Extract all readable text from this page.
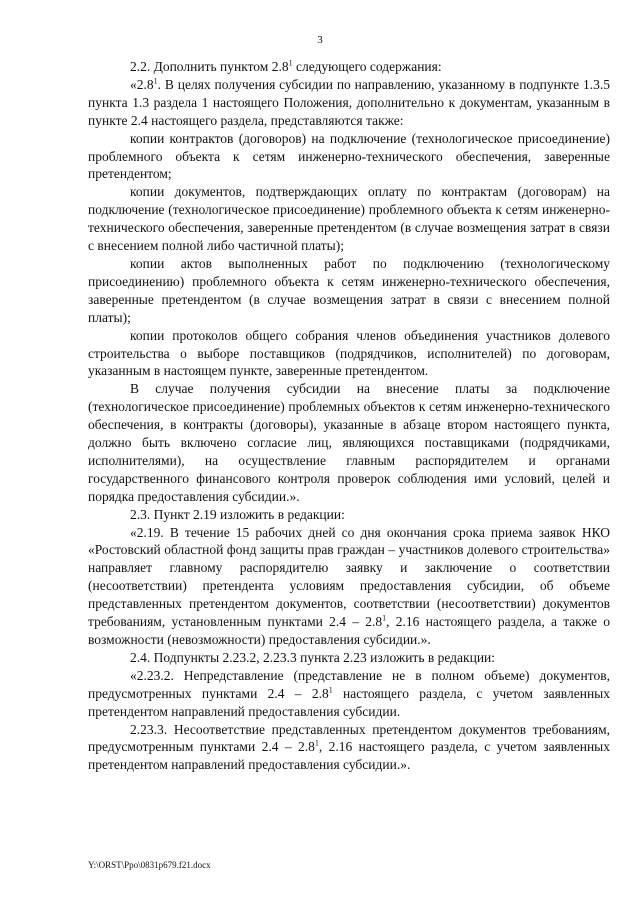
3

2.2. Дополнить пунктом $2.8^1$ следующего содержания:

«$2.8^1$. В целях получения субсидии по направлению, указанному в подпункте 1.3.5 пункта 1.3 раздела 1 настоящего Положения, дополнительно к документам, указанным в пункте 2.4 настоящего раздела, представляются также:

копии контрактов (договоров) на подключение (технологическое присоединение) проблемного объекта к сетям инженерно-технического обеспечения, заверенные претендентом;

копии документов, подтверждающих оплату по контрактам (договорам) на подключение (технологическое присоединение) проблемного объекта к сетям инженерно-технического обеспечения, заверенные претендентом (в случае возмещения затрат в связи с внесением полной либо частичной платы);

копии актов выполненных работ по подключению (технологическому присоединению) проблемного объекта к сетям инженерно-технического обеспечения, заверенные претендентом (в случае возмещения затрат в связи с внесением полной платы);

копии протоколов общего собрания членов объединения участников долевого строительства о выборе поставщиков (подрядчиков, исполнителей) по договорам, указанным в настоящем пункте, заверенные претендентом.

В случае получения субсидии на внесение платы за подключение (технологическое присоединение) проблемных объектов к сетям инженерно-технического обеспечения, в контракты (договоры), указанные в абзаце втором настоящего пункта, должно быть включено согласие лиц, являющихся поставщиками (подрядчиками, исполнителями), на осуществление главным распорядителем и органами государственного финансового контроля проверок соблюдения ими условий, целей и порядка предоставления субсидии.».

2.3. Пункт 2.19 изложить в редакции:

«2.19. В течение 15 рабочих дней со дня окончания срока приема заявок НКО «Ростовский областной фонд защиты прав граждан – участников долевого строительства» направляет главному распорядителю заявку и заключение о соответствии (несоответствии) претендента условиям предоставления субсидии, об объеме представленных претендентом документов, соответствии (несоответствии) документов требованиям, установленным пунктами $2.4 - 2.8^1$, 2.16 настоящего раздела, а также о возможности (невозможности) предоставления субсидии.».

2.4. Подпункты 2.23.2, 2.23.3 пункта 2.23 изложить в редакции:

«2.23.2. Непредставление (представление не в полном объеме) документов, предусмотренных пунктами $2.4 - 2.8^1$ настоящего раздела, с учетом заявленных претендентом направлений предоставления субсидии.

2.23.3. Несоответствие представленных претендентом документов требованиям, предусмотренным пунктами $2.4 - 2.8^1$, 2.16 настоящего раздела, с учетом заявленных претендентом направлений предоставления субсидии.».

Y:\ORST\Ppo\0831p679.f21.docx
